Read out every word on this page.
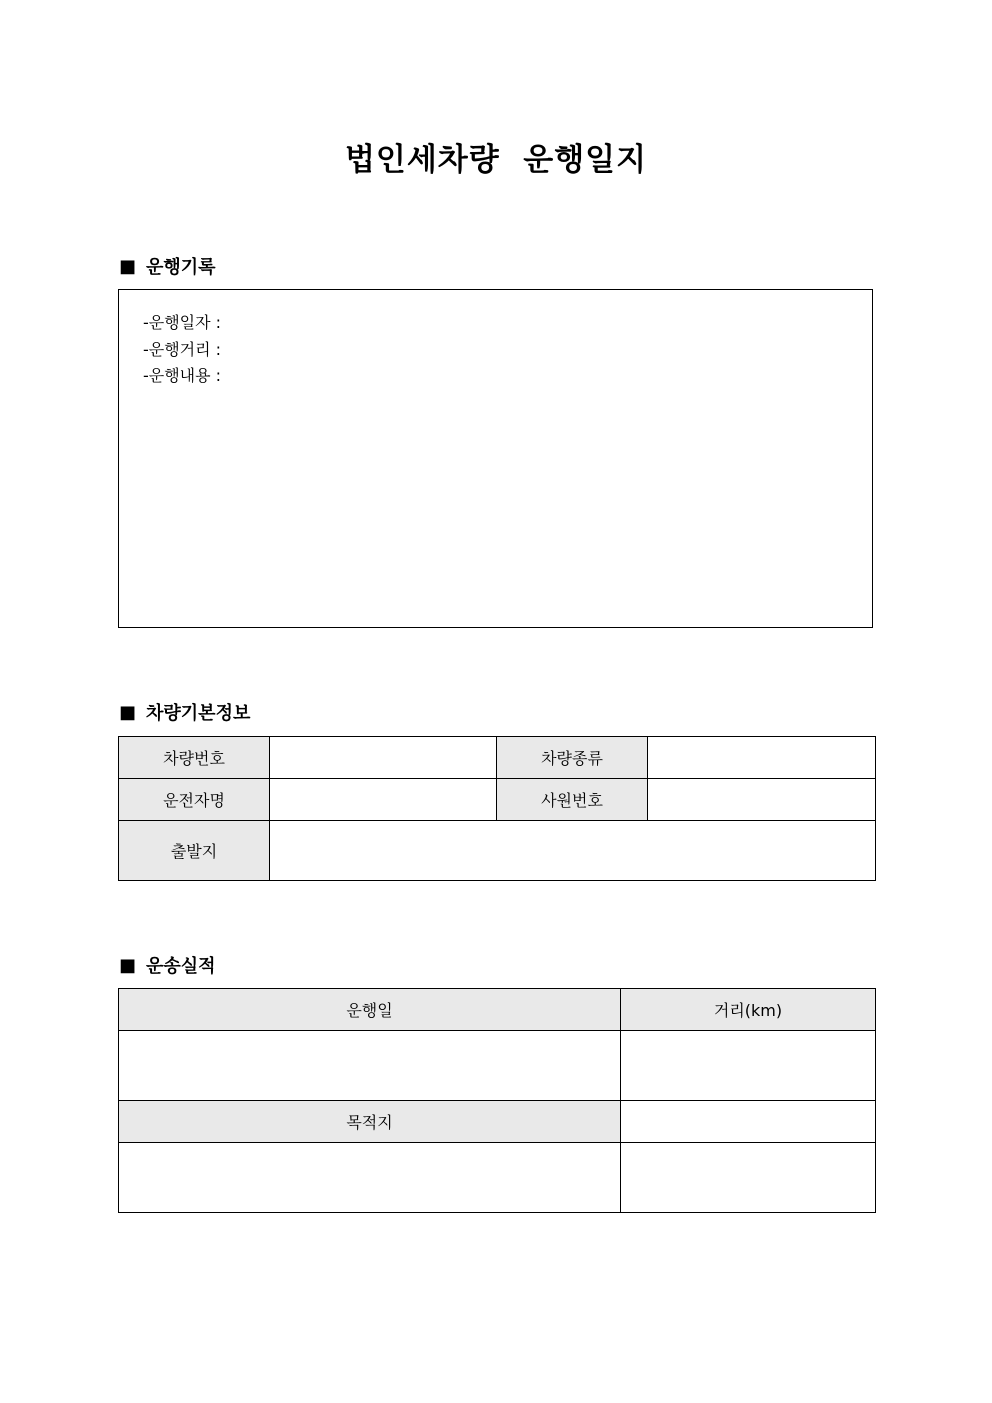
법인세차량  운행일지
■ 운행기록
-운행일자 :
-운행거리 :
-운행내용 :
■ 차량기본정보
차량번호		차량종류	
운전자명		사원번호	
출발지			
■ 운송실적
운행일	거리(km)

목적지	
